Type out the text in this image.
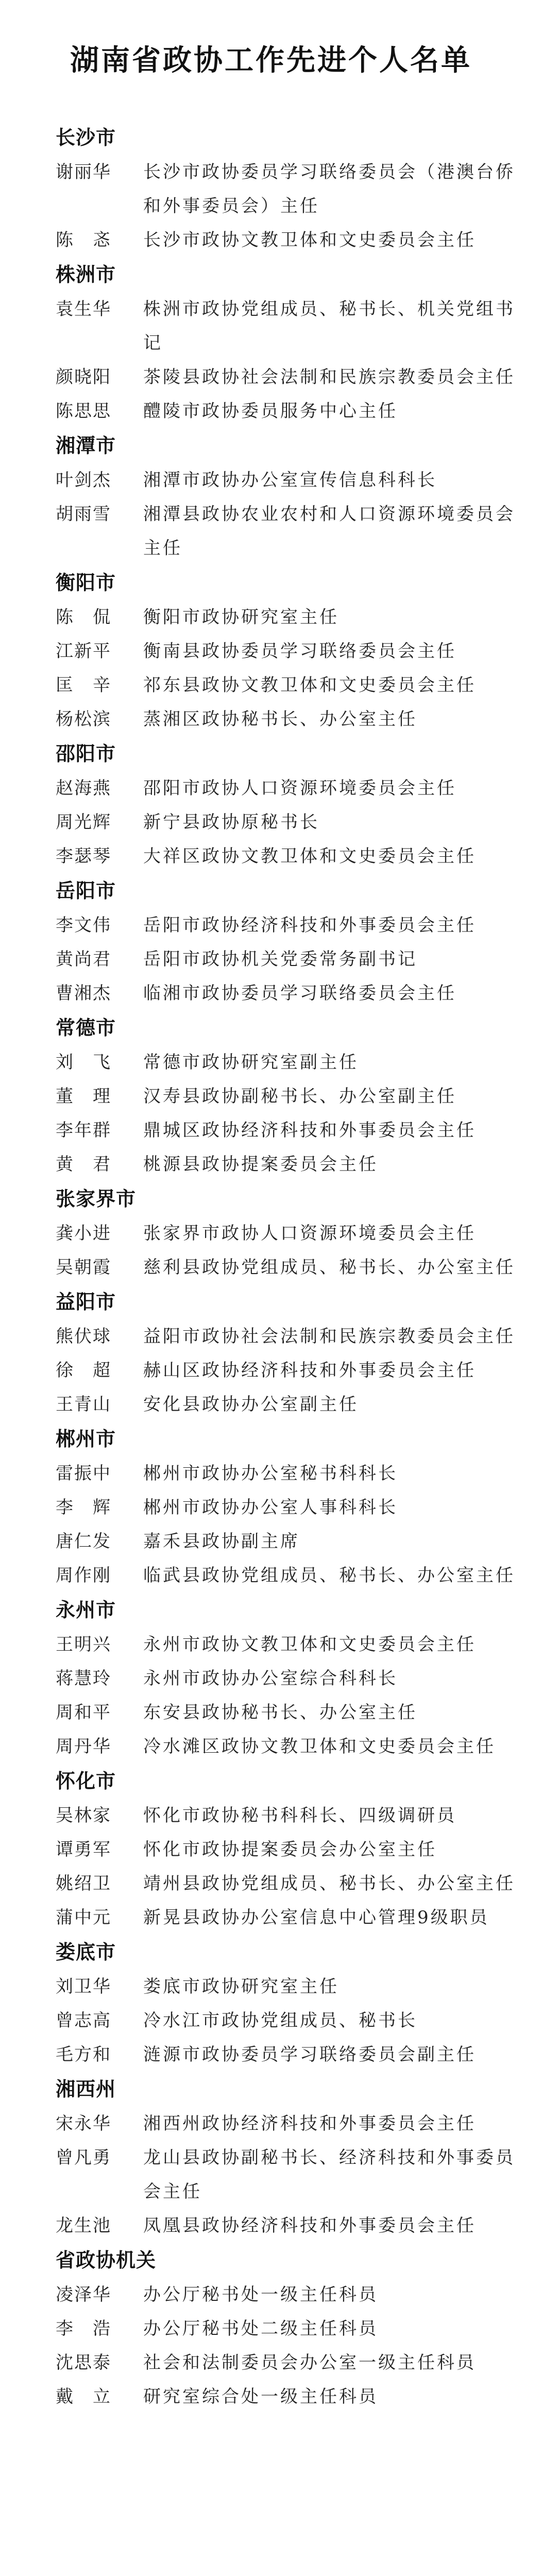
湖南省政协工作先进个人名单
长沙市
谢丽华	长沙市政协委员学习联络委员会（港澳台侨和外事委员会）主任
陈　忞	长沙市政协文教卫体和文史委员会主任
株洲市
袁生华	株洲市政协党组成员、秘书长、机关党组书记
颜晓阳	茶陵县政协社会法制和民族宗教委员会主任
陈思思	醴陵市政协委员服务中心主任
湘潭市
叶剑杰	湘潭市政协办公室宣传信息科科长
胡雨雪	湘潭县政协农业农村和人口资源环境委员会主任
衡阳市
陈　侃	衡阳市政协研究室主任
江新平	衡南县政协委员学习联络委员会主任
匡　辛	祁东县政协文教卫体和文史委员会主任
杨松滨	蒸湘区政协秘书长、办公室主任
邵阳市
赵海燕	邵阳市政协人口资源环境委员会主任
周光辉	新宁县政协原秘书长
李瑟琴	大祥区政协文教卫体和文史委员会主任
岳阳市
李文伟	岳阳市政协经济科技和外事委员会主任
黄尚君	岳阳市政协机关党委常务副书记
曹湘杰	临湘市政协委员学习联络委员会主任
常德市
刘　飞	常德市政协研究室副主任
董　理	汉寿县政协副秘书长、办公室副主任
李年群	鼎城区政协经济科技和外事委员会主任
黄　君	桃源县政协提案委员会主任
张家界市
龚小进	张家界市政协人口资源环境委员会主任
吴朝霞	慈利县政协党组成员、秘书长、办公室主任
益阳市
熊伏球	益阳市政协社会法制和民族宗教委员会主任
徐　超	赫山区政协经济科技和外事委员会主任
王青山	安化县政协办公室副主任
郴州市
雷振中	郴州市政协办公室秘书科科长
李　辉	郴州市政协办公室人事科科长
唐仁发	嘉禾县政协副主席
周作刚	临武县政协党组成员、秘书长、办公室主任
永州市
王明兴	永州市政协文教卫体和文史委员会主任
蒋慧玲	永州市政协办公室综合科科长
周和平	东安县政协秘书长、办公室主任
周丹华	冷水滩区政协文教卫体和文史委员会主任
怀化市
吴林家	怀化市政协秘书科科长、四级调研员
谭勇军	怀化市政协提案委员会办公室主任
姚绍卫	靖州县政协党组成员、秘书长、办公室主任
蒲中元	新晃县政协办公室信息中心管理9级职员
娄底市
刘卫华	娄底市政协研究室主任
曾志高	冷水江市政协党组成员、秘书长
毛方和	涟源市政协委员学习联络委员会副主任
湘西州
宋永华	湘西州政协经济科技和外事委员会主任
曾凡勇	龙山县政协副秘书长、经济科技和外事委员会主任
龙生池	凤凰县政协经济科技和外事委员会主任
省政协机关
凌泽华	办公厅秘书处一级主任科员
李　浩	办公厅秘书处二级主任科员
沈思泰	社会和法制委员会办公室一级主任科员
戴　立	研究室综合处一级主任科员
